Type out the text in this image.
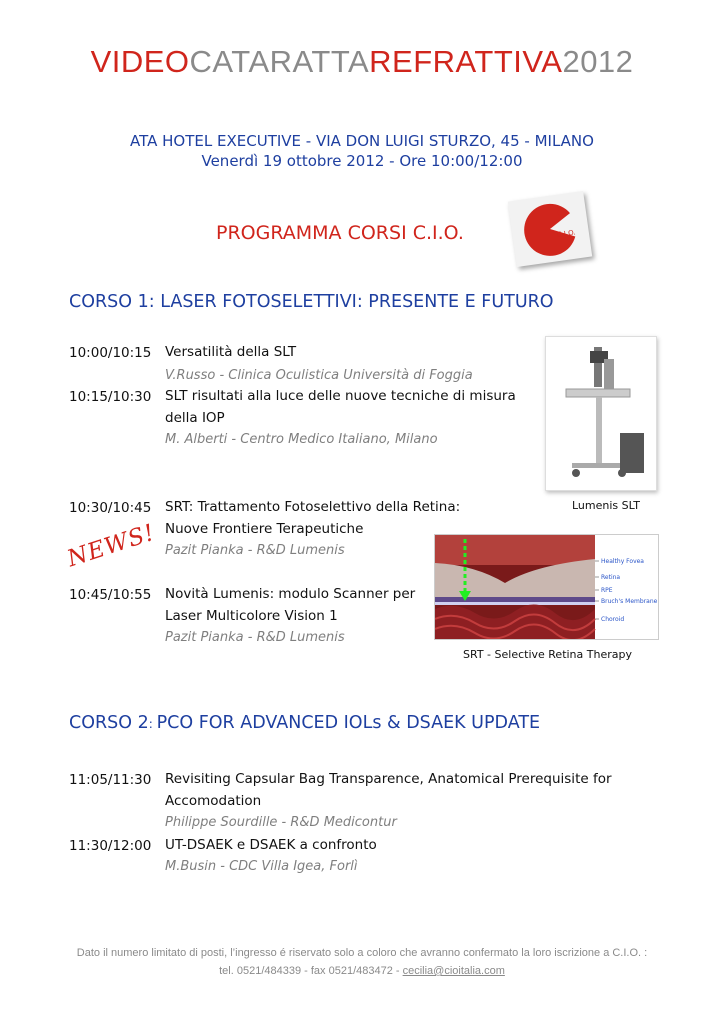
VIDEOCATARATTAREFRATTIVA2012
ATA HOTEL EXECUTIVE - VIA DON LUIGI STURZO, 45 - MILANO
Venerdì 19 ottobre 2012 - Ore 10:00/12:00
PROGRAMMA CORSI C.I.O.	C.I.O.
CORSO 1: LASER FOTOSELETTIVI: PRESENTE E FUTURO
10:00/10:15 Versatilità della SLT
V.Russo - Clinica Oculistica Università di Foggia
10:15/10:30 SLT risultati alla luce delle nuove tecniche di misura
della IOP
M. Alberti - Centro Medico Italiano, Milano
10:30/10:45 SRT: Trattamento Fotoselettivo della Retina:
Nuove Frontiere Terapeutiche
Pazit Pianka - R&D Lumenis
NEWS!
10:45/10:55 Novità Lumenis: modulo Scanner per
Laser Multicolore Vision 1
Pazit Pianka - R&D Lumenis
Lumenis SLT
Healthy Fovea
Retina
RPE
Bruch's Membrane
Choroid
SRT - Selective Retina Therapy
CORSO 2: PCO FOR ADVANCED IOLs & DSAEK UPDATE
11:05/11:30 Revisiting Capsular Bag Transparence, Anatomical Prerequisite for
Accomodation
Philippe Sourdille - R&D Medicontur
11:30/12:00 UT-DSAEK e DSAEK a confronto
M.Busin - CDC Villa Igea, Forlì
Dato il numero limitato di posti, l’ingresso é riservato solo a coloro che avranno confermato la loro iscrizione a C.I.O. :
tel. 0521/484339 - fax 0521/483472 - cecilia@cioitalia.com
